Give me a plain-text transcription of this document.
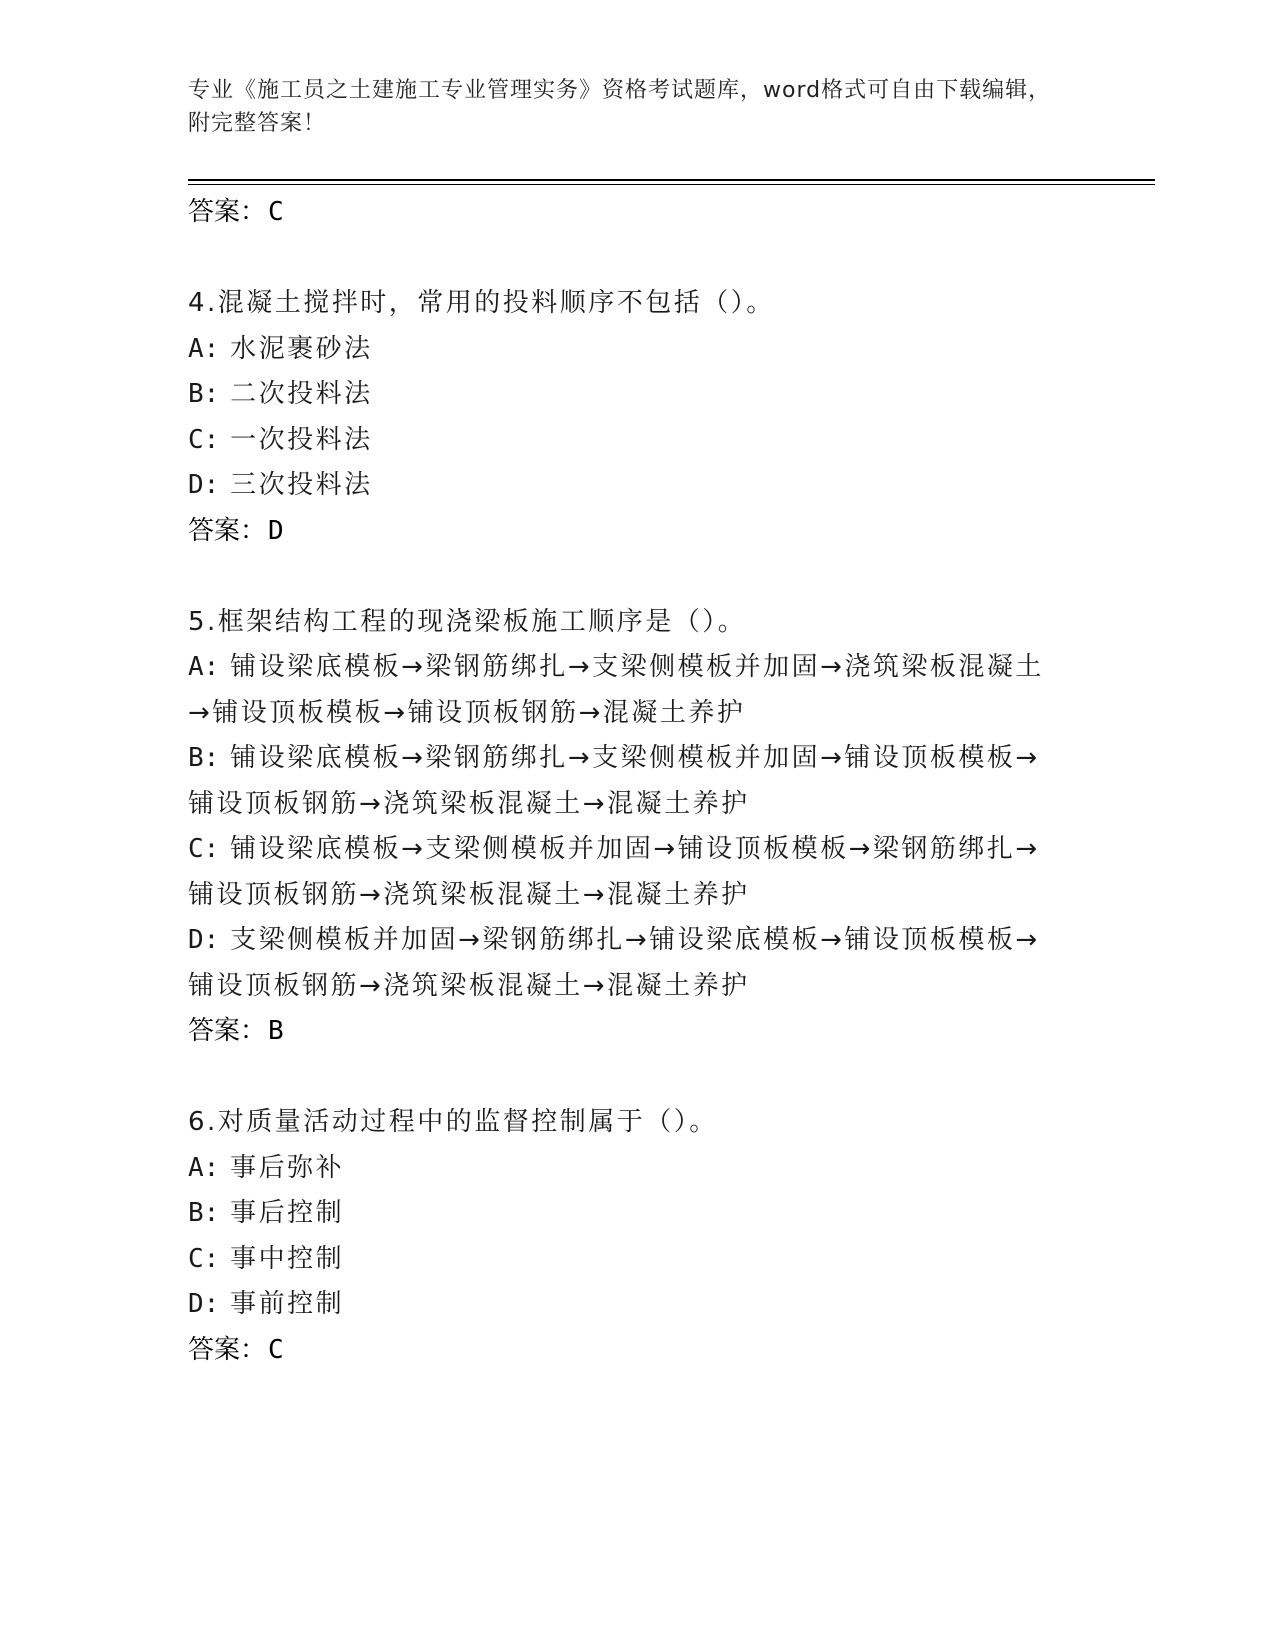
专业《施工员之土建施工专业管理实务》资格考试题库，word格式可自由下载编辑，附完整答案！
答案：C
4.混凝土搅拌时，常用的投料顺序不包括（）。
A: 水泥裹砂法
B: 二次投料法
C: 一次投料法
D: 三次投料法
答案：D
5.框架结构工程的现浇梁板施工顺序是（）。
A: 铺设梁底模板→梁钢筋绑扎→支梁侧模板并加固→浇筑梁板混凝土
→铺设顶板模板→铺设顶板钢筋→混凝土养护
B: 铺设梁底模板→梁钢筋绑扎→支梁侧模板并加固→铺设顶板模板→
铺设顶板钢筋→浇筑梁板混凝土→混凝土养护
C: 铺设梁底模板→支梁侧模板并加固→铺设顶板模板→梁钢筋绑扎→
铺设顶板钢筋→浇筑梁板混凝土→混凝土养护
D: 支梁侧模板并加固→梁钢筋绑扎→铺设梁底模板→铺设顶板模板→
铺设顶板钢筋→浇筑梁板混凝土→混凝土养护
答案：B
6.对质量活动过程中的监督控制属于（）。
A: 事后弥补
B: 事后控制
C: 事中控制
D: 事前控制
答案：C
